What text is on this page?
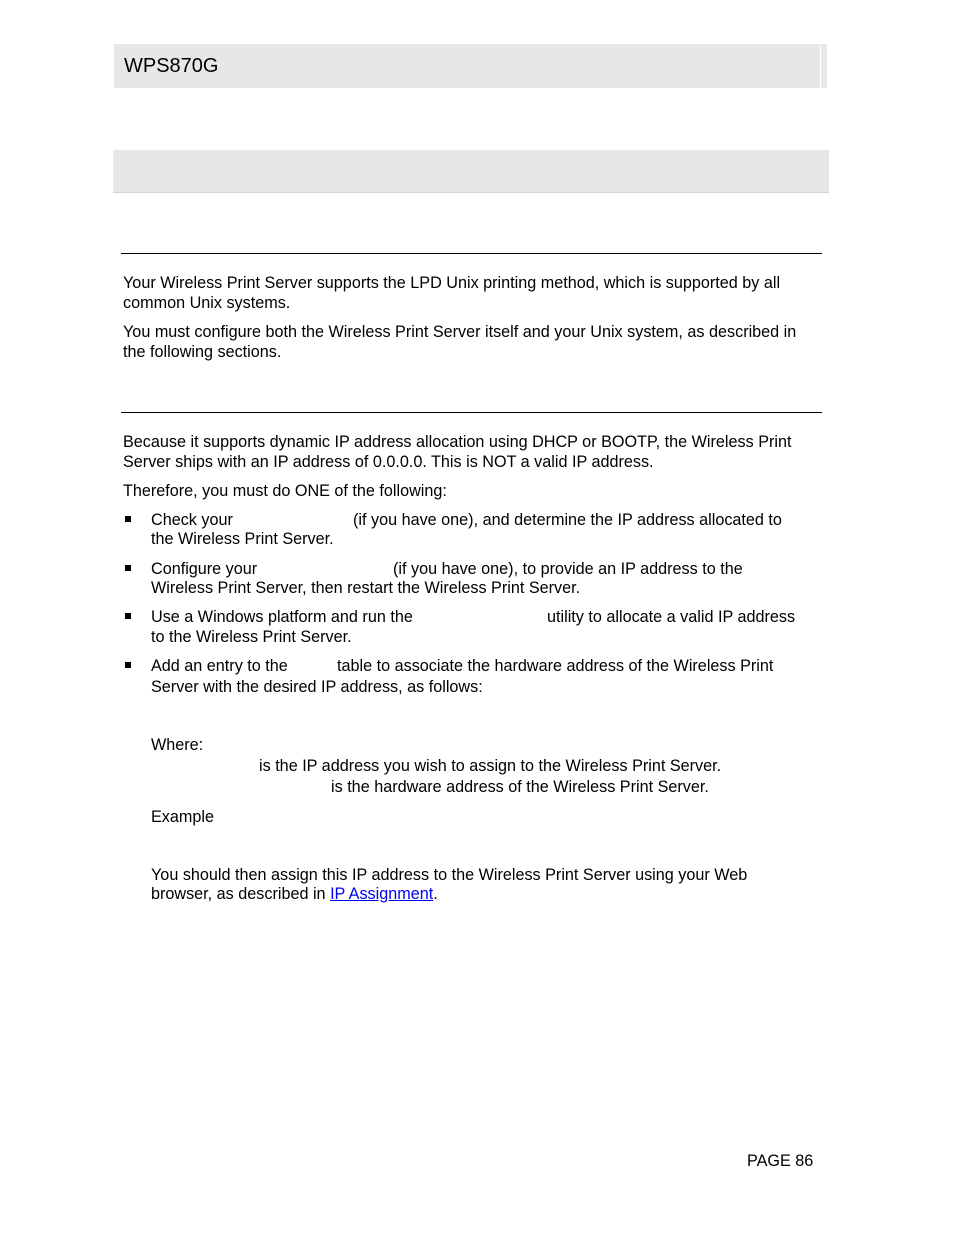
WPS870G
Your Wireless Print Server supports the LPD Unix printing method, which is supported by all common Unix systems.
You must configure both the Wireless Print Server itself and your Unix system, as described in the following sections.
Because it supports dynamic IP address allocation using DHCP or BOOTP, the Wireless Print Server ships with an IP address of 0.0.0.0. This is NOT a valid IP address.
Therefore, you must do ONE of the following:
Check your	(if you have one), and determine the IP address allocated to
the Wireless Print Server.
Configure your	(if you have one), to provide an IP address to the
Wireless Print Server, then restart the Wireless Print Server.
Use a Windows platform and run the	utility to allocate a valid IP address
to the Wireless Print Server.
Add an entry to the	table to associate the hardware address of the Wireless Print
Server with the desired IP address, as follows:
Where:
is the IP address you wish to assign to the Wireless Print Server.
is the hardware address of the Wireless Print Server.
Example
You should then assign this IP address to the Wireless Print Server using your Web
browser, as described in IP Assignment.
PAGE 86
